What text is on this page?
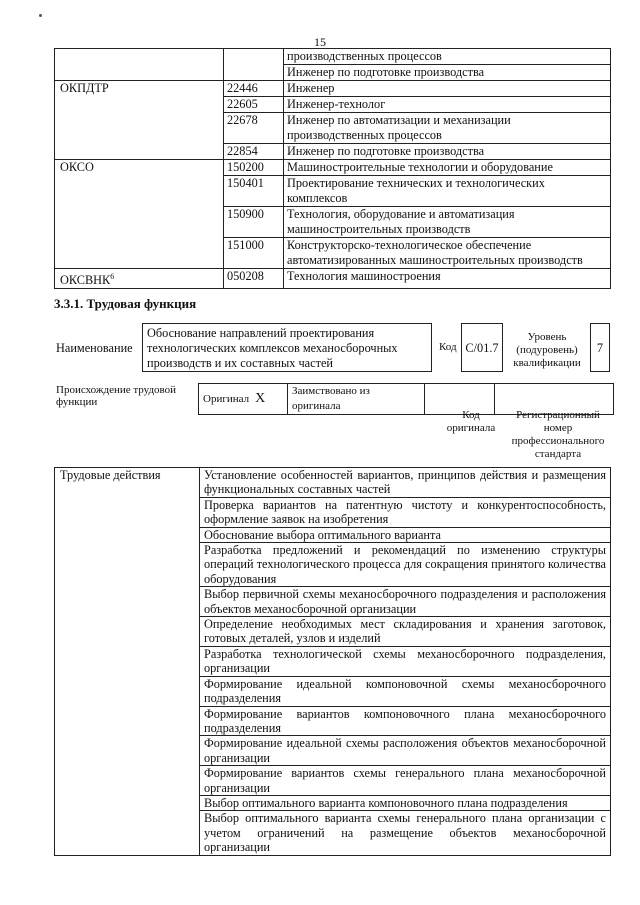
15
		производственных процессов
		Инженер по подготовке производства
ОКПДТР	22446	Инженер
	22605	Инженер-технолог
	22678	Инженер по автоматизации и механизации производственных процессов
	22854	Инженер по подготовке производства
ОКСО	150200	Машиностроительные технологии и оборудование
	150401	Проектирование технических и технологических комплексов
	150900	Технология, оборудование и автоматизация машиностроительных производств
	151000	Конструкторско-технологическое обеспечение автоматизированных машиностроительных производств
ОКСВНК$^6$	050208	Технология машиностроения
3.3.1. Трудовая функция
Наименование
Обоснование направлений проектирования технологических комплексов механосборочных производств и их составных частей
Код C/01.7
Уровень (подуровень) квалификации
7
Происхождение трудовой функции	Оригинал X	Заимствовано из оригинала		
Код оригинала
Регистрационный номер профессионального стандарта
Трудовые действия	Установление особенностей вариантов, принципов действия и размещения функциональных составных частей
Проверка вариантов на патентную чистоту и конкурентоспособность, оформление заявок на изобретения
Обоснование выбора оптимального варианта
Разработка предложений и рекомендаций по изменению структуры операций технологического процесса для сокращения принятого количества оборудования
Выбор первичной схемы механосборочного подразделения и расположения объектов механосборочной организации
Определение необходимых мест складирования и хранения заготовок, готовых деталей, узлов и изделий
Разработка технологической схемы механосборочного подразделения, организации
Формирование идеальной компоновочной схемы механосборочного подразделения
Формирование вариантов компоновочного плана механосборочного подразделения
Формирование идеальной схемы расположения объектов механосборочной организации
Формирование вариантов схемы генерального плана механосборочной организации
Выбор оптимального варианта компоновочного плана подразделения
Выбор оптимального варианта схемы генерального плана организации с учетом ограничений на размещение объектов механосборочной организации
